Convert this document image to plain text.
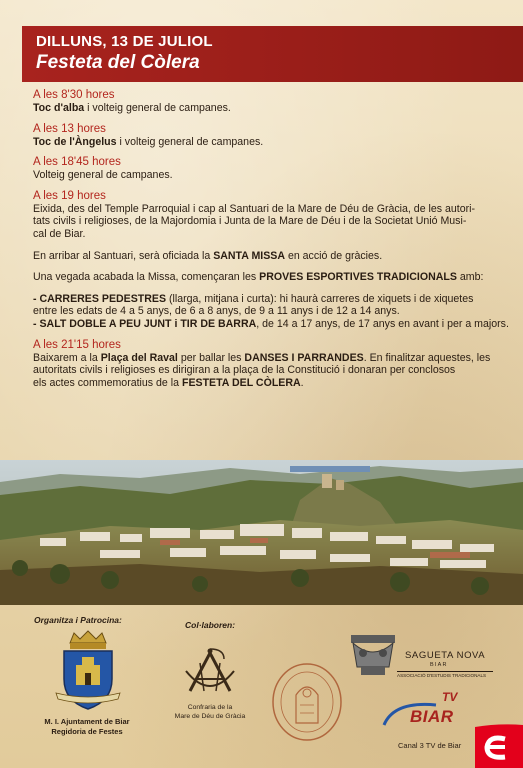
DILLUNS, 13 DE JULIOL
Festeta del Còlera
A les 8'30 hores

Toc d'alba i volteig general de campanes.

A les 13 hores

Toc de l'Àngelus i volteig general de campanes.

A les 18'45 hores

Volteig general de campanes.

A les 19 hores

Eixida, des del Temple Parroquial i cap al Santuari de la Mare de Déu de Gràcia, de les autori-

tats civils i religioses, de la Majordomia i Junta de la Mare de Déu i de la Societat Unió Musi-

cal de Biar.

En arribar al Santuari, serà oficiada la SANTA MISSA en acció de gràcies.

Una vegada acabada la Missa, començaran les PROVES ESPORTIVES TRADICIONALS amb:

- CARRERES PEDESTRES (llarga, mitjana i curta): hi haurà carreres de xiquets i de xiquetes

entre les edats de 4 a 5 anys, de 6 a 8 anys, de 9 a 11 anys i de 12 a 14 anys.

- SALT DOBLE A PEU JUNT i TIR DE BARRA, de 14 a 17 anys, de 17 anys en avant i per a majors.

A les 21'15 hores

Baixarem a la Plaça del Raval per ballar les DANSES I PARRANDES. En finalitzar aquestes, les

autoritats civils i religioses es dirigiran a la plaça de la Constitució i donaran per conclosos

els actes commemoratius de la FESTETA DEL CÒLERA.

Organitza i Patrocina:	Col·laboren:
M. I. Ajuntament de Biar
Regidoria de Festes
Confraria de la
Mare de Déu de Gràcia
SAGUETA NOVA
BIAR
ASSOCIACIÓ D'ESTUDIS TRADICIONALS
TV
BIAR
Canal 3 TV de Biar
